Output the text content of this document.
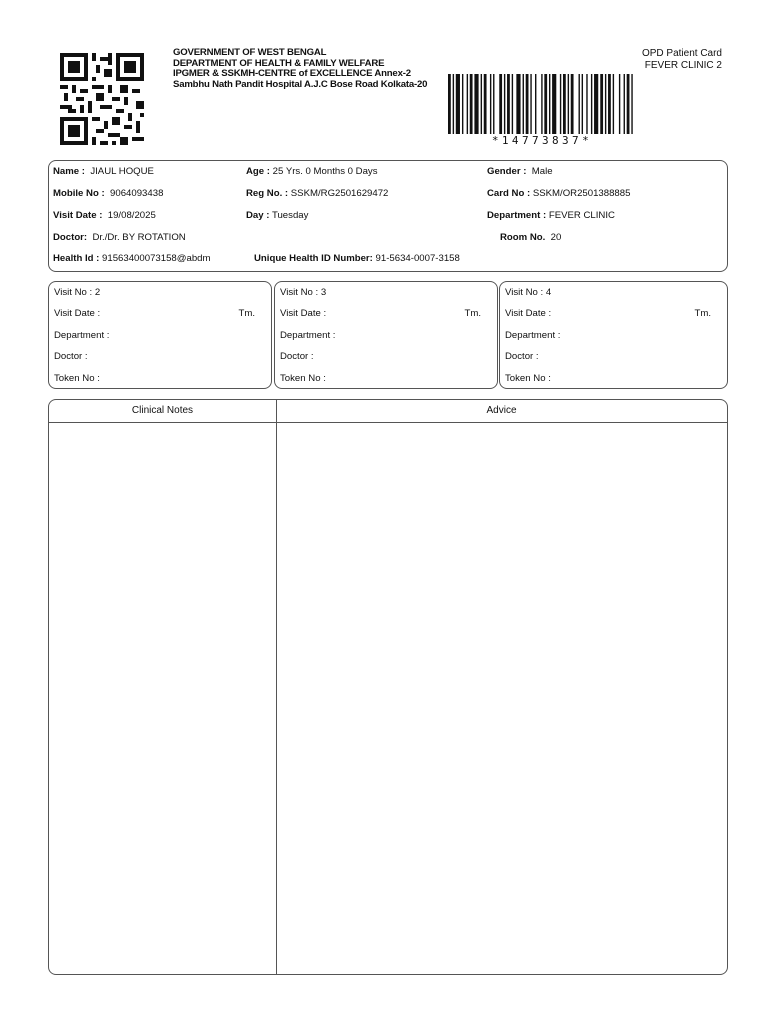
GOVERNMENT OF WEST BENGAL
DEPARTMENT OF HEALTH & FAMILY WELFARE
IPGMER & SSKMH-CENTRE of EXCELLENCE Annex-2
Sambhu Nath Pandit Hospital A.J.C Bose Road Kolkata-20
OPD Patient Card
FEVER CLINIC 2
*14773837*
Name : JIAUL HOQUE	Age : 25 Yrs. 0 Months 0 Days	Gender : Male
Mobile No : 9064093438	Reg No. : SSKM/RG2501629472	Card No : SSKM/OR2501388885
Visit Date : 19/08/2025	Day : Tuesday	Department : FEVER CLINIC
Doctor: Dr./Dr. BY ROTATION	Room No. 20
Health Id : 91563400073158@abdm	Unique Health ID Number: 91-5634-0007-3158
Visit No : 2
Visit Date :	Tm.
Department :
Doctor :
Token No :
Visit No : 3
Visit Date :	Tm.
Department :
Doctor :
Token No :
Visit No : 4
Visit Date :	Tm.
Department :
Doctor :
Token No :
Clinical Notes	Advice
